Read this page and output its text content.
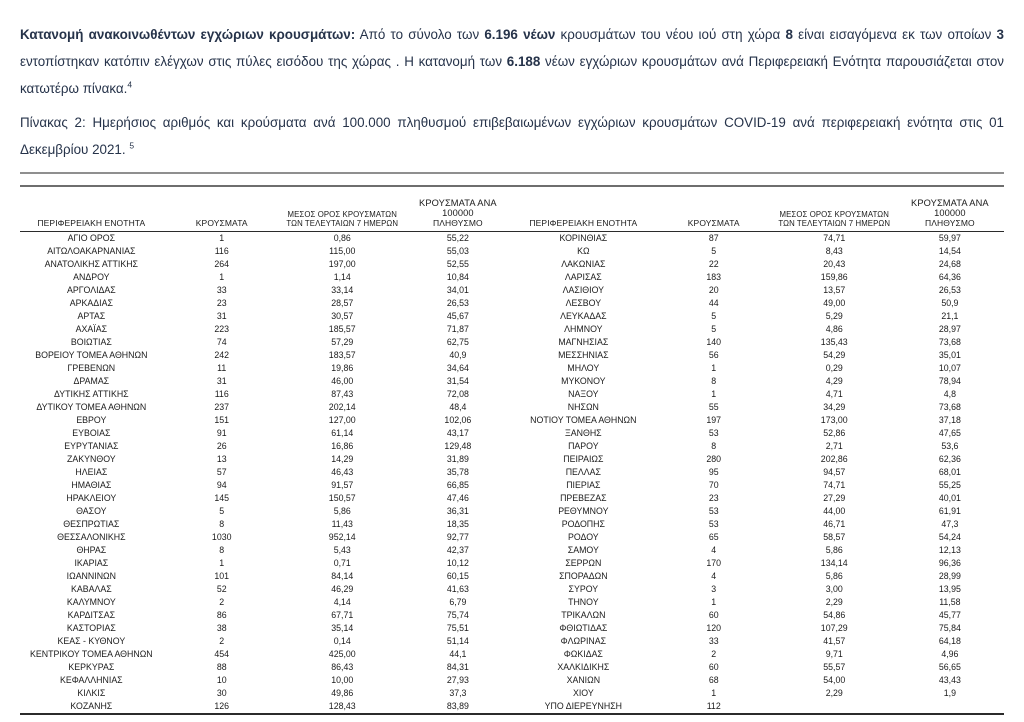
Κατανομή ανακοινωθέντων εγχώριων κρουσμάτων: Από το σύνολο των 6.196 νέων κρουσμάτων του νέου ιού στη χώρα 8 είναι εισαγόμενα εκ των οποίων 3 εντοπίστηκαν κατόπιν ελέγχων στις πύλες εισόδου της χώρας . Η κατανομή των 6.188 νέων εγχώριων κρουσμάτων ανά Περιφερειακή Ενότητα παρουσιάζεται στον κατωτέρω πίνακα.$^4$

Πίνακας 2: Ημερήσιος αριθμός και κρούσματα ανά 100.000 πληθυσμού επιβεβαιωμένων εγχώριων κρουσμάτων COVID-19 ανά περιφερειακή ενότητα στις 01 Δεκεμβρίου 2021. $^5$

ΠΕΡΙΦΕΡΕΙΑΚΗ ΕΝΟΤΗΤΑ	ΚΡΟΥΣΜΑΤΑ	
ΜΕΣΟΣ ΟΡΟΣ ΚΡΟΥΣΜΑΤΩΝ
ΤΩΝ ΤΕΛΕΥΤΑΙΩΝ 7 ΗΜΕΡΩΝ

ΚΡΟΥΣΜΑΤΑ ΑΝΑ 100000
ΠΛΗΘΥΣΜΟ

ΑΓΙΟ ΟΡΟΣ	1	0,86	55,22
ΑΙΤΩΛΟΑΚΑΡΝΑΝΙΑΣ	116	115,00	55,03
ΑΝΑΤΟΛΙΚΗΣ ΑΤΤΙΚΗΣ	264	197,00	52,55
ΑΝΔΡΟΥ	1	1,14	10,84
ΑΡΓΟΛΙΔΑΣ	33	33,14	34,01
ΑΡΚΑΔΙΑΣ	23	28,57	26,53
ΑΡΤΑΣ	31	30,57	45,67
ΑΧΑΪΑΣ	223	185,57	71,87
ΒΟΙΩΤΙΑΣ	74	57,29	62,75
ΒΟΡΕΙΟΥ ΤΟΜΕΑ ΑΘΗΝΩΝ	242	183,57	40,9
ΓΡΕΒΕΝΩΝ	11	19,86	34,64
ΔΡΑΜΑΣ	31	46,00	31,54
ΔΥΤΙΚΗΣ ΑΤΤΙΚΗΣ	116	87,43	72,08
ΔΥΤΙΚΟΥ ΤΟΜΕΑ ΑΘΗΝΩΝ	237	202,14	48,4
ΕΒΡΟΥ	151	127,00	102,06
ΕΥΒΟΙΑΣ	91	61,14	43,17
ΕΥΡΥΤΑΝΙΑΣ	26	16,86	129,48
ΖΑΚΥΝΘΟΥ	13	14,29	31,89
ΗΛΕΙΑΣ	57	46,43	35,78
ΗΜΑΘΙΑΣ	94	91,57	66,85
ΗΡΑΚΛΕΙΟΥ	145	150,57	47,46
ΘΑΣΟΥ	5	5,86	36,31
ΘΕΣΠΡΩΤΙΑΣ	8	11,43	18,35
ΘΕΣΣΑΛΟΝΙΚΗΣ	1030	952,14	92,77
ΘΗΡΑΣ	8	5,43	42,37
ΙΚΑΡΙΑΣ	1	0,71	10,12
ΙΩΑΝΝΙΝΩΝ	101	84,14	60,15
ΚΑΒΑΛΑΣ	52	46,29	41,63
ΚΑΛΥΜΝΟΥ	2	4,14	6,79
ΚΑΡΔΙΤΣΑΣ	86	67,71	75,74
ΚΑΣΤΟΡΙΑΣ	38	35,14	75,51
ΚΕΑΣ - ΚΥΘΝΟΥ	2	0,14	51,14
ΚΕΝΤΡΙΚΟΥ ΤΟΜΕΑ ΑΘΗΝΩΝ	454	425,00	44,1
ΚΕΡΚΥΡΑΣ	88	86,43	84,31
ΚΕΦΑΛΛΗΝΙΑΣ	10	10,00	27,93
ΚΙΛΚΙΣ	30	49,86	37,3
ΚΟΖΑΝΗΣ	126	128,43	83,89
ΠΕΡΙΦΕΡΕΙΑΚΗ ΕΝΟΤΗΤΑ	ΚΡΟΥΣΜΑΤΑ	
ΜΕΣΟΣ ΟΡΟΣ ΚΡΟΥΣΜΑΤΩΝ
ΤΩΝ ΤΕΛΕΥΤΑΙΩΝ 7 ΗΜΕΡΩΝ

ΚΡΟΥΣΜΑΤΑ ΑΝΑ 100000
ΠΛΗΘΥΣΜΟ

ΚΟΡΙΝΘΙΑΣ	87	74,71	59,97
ΚΩ	5	8,43	14,54
ΛΑΚΩΝΙΑΣ	22	20,43	24,68
ΛΑΡΙΣΑΣ	183	159,86	64,36
ΛΑΣΙΘΙΟΥ	20	13,57	26,53
ΛΕΣΒΟΥ	44	49,00	50,9
ΛΕΥΚΑΔΑΣ	5	5,29	21,1
ΛΗΜΝΟΥ	5	4,86	28,97
ΜΑΓΝΗΣΙΑΣ	140	135,43	73,68
ΜΕΣΣΗΝΙΑΣ	56	54,29	35,01
ΜΗΛΟΥ	1	0,29	10,07
ΜΥΚΟΝΟΥ	8	4,29	78,94
ΝΑΞΟΥ	1	4,71	4,8
ΝΗΣΩΝ	55	34,29	73,68
ΝΟΤΙΟΥ ΤΟΜΕΑ ΑΘΗΝΩΝ	197	173,00	37,18
ΞΑΝΘΗΣ	53	52,86	47,65
ΠΑΡΟΥ	8	2,71	53,6
ΠΕΙΡΑΙΩΣ	280	202,86	62,36
ΠΕΛΛΑΣ	95	94,57	68,01
ΠΙΕΡΙΑΣ	70	74,71	55,25
ΠΡΕΒΕΖΑΣ	23	27,29	40,01
ΡΕΘΥΜΝΟΥ	53	44,00	61,91
ΡΟΔΟΠΗΣ	53	46,71	47,3
ΡΟΔΟΥ	65	58,57	54,24
ΣΑΜΟΥ	4	5,86	12,13
ΣΕΡΡΩΝ	170	134,14	96,36
ΣΠΟΡΑΔΩΝ	4	5,86	28,99
ΣΥΡΟΥ	3	3,00	13,95
ΤΗΝΟΥ	1	2,29	11,58
ΤΡΙΚΑΛΩΝ	60	54,86	45,77
ΦΘΙΩΤΙΔΑΣ	120	107,29	75,84
ΦΛΩΡΙΝΑΣ	33	41,57	64,18
ΦΩΚΙΔΑΣ	2	9,71	4,96
ΧΑΛΚΙΔΙΚΗΣ	60	55,57	56,65
ΧΑΝΙΩΝ	68	54,00	43,43
ΧΙΟΥ	1	2,29	1,9
ΥΠΟ ΔΙΕΡΕΥΝΗΣΗ	112		
